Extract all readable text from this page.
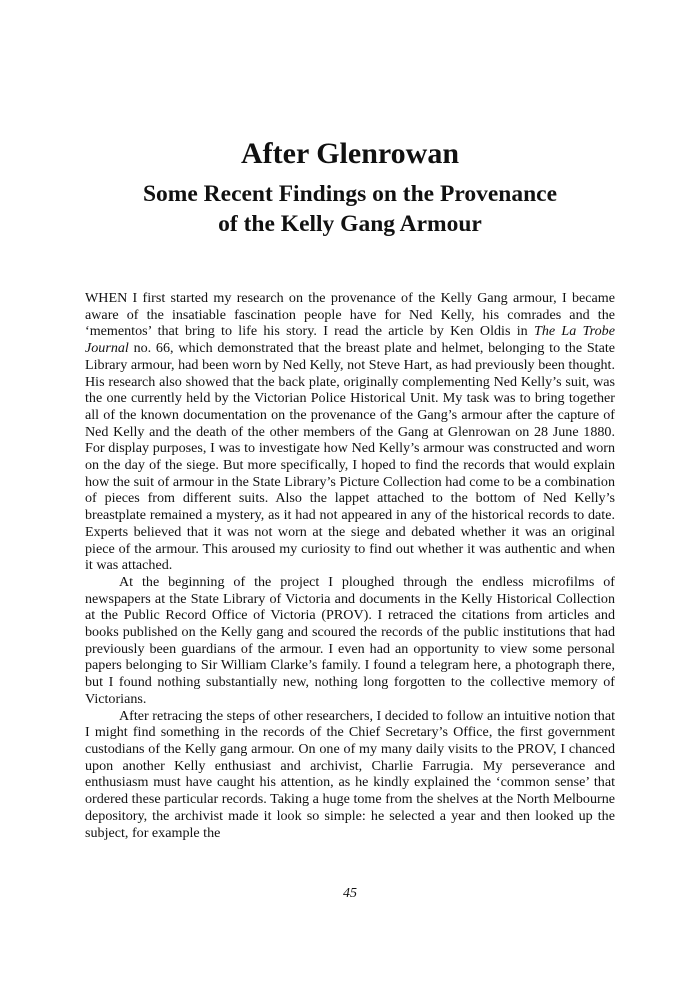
After Glenrowan
Some Recent Findings on the Provenance
of the Kelly Gang Armour

WHEN I first started my research on the provenance of the Kelly Gang armour, I became aware of the insatiable fascination people have for Ned Kelly, his comrades and the ‘mementos’ that bring to life his story. I read the article by Ken Oldis in The La Trobe Journal no. 66, which demonstrated that the breast plate and helmet, belonging to the State Library armour, had been worn by Ned Kelly, not Steve Hart, as had previously been thought. His research also showed that the back plate, originally complementing Ned Kelly’s suit, was the one currently held by the Victorian Police Historical Unit. My task was to bring together all of the known documentation on the provenance of the Gang’s armour after the capture of Ned Kelly and the death of the other members of the Gang at Glenrowan on 28 June 1880. For display purposes, I was to investigate how Ned Kelly’s armour was constructed and worn on the day of the siege. But more specifically, I hoped to find the records that would explain how the suit of armour in the State Library’s Picture Collection had come to be a combination of pieces from different suits. Also the lappet attached to the bottom of Ned Kelly’s breastplate remained a mystery, as it had not appeared in any of the historical records to date. Experts believed that it was not worn at the siege and debated whether it was an original piece of the armour. This aroused my curiosity to find out whether it was authentic and when it was attached.

At the beginning of the project I ploughed through the endless microfilms of newspapers at the State Library of Victoria and documents in the Kelly Historical Collection at the Public Record Office of Victoria (PROV). I retraced the citations from articles and books published on the Kelly gang and scoured the records of the public institutions that had previously been guardians of the armour. I even had an opportunity to view some personal papers belonging to Sir William Clarke’s family. I found a telegram here, a photograph there, but I found nothing substantially new, nothing long forgotten to the collective memory of Victorians.

After retracing the steps of other researchers, I decided to follow an intuitive notion that I might find something in the records of the Chief Secretary’s Office, the first government custodians of the Kelly gang armour. On one of my many daily visits to the PROV, I chanced upon another Kelly enthusiast and archivist, Charlie Farrugia. My perseverance and enthusiasm must have caught his attention, as he kindly explained the ‘common sense’ that ordered these particular records. Taking a huge tome from the shelves at the North Melbourne depository, the archivist made it look so simple: he selected a year and then looked up the subject, for example the

45
